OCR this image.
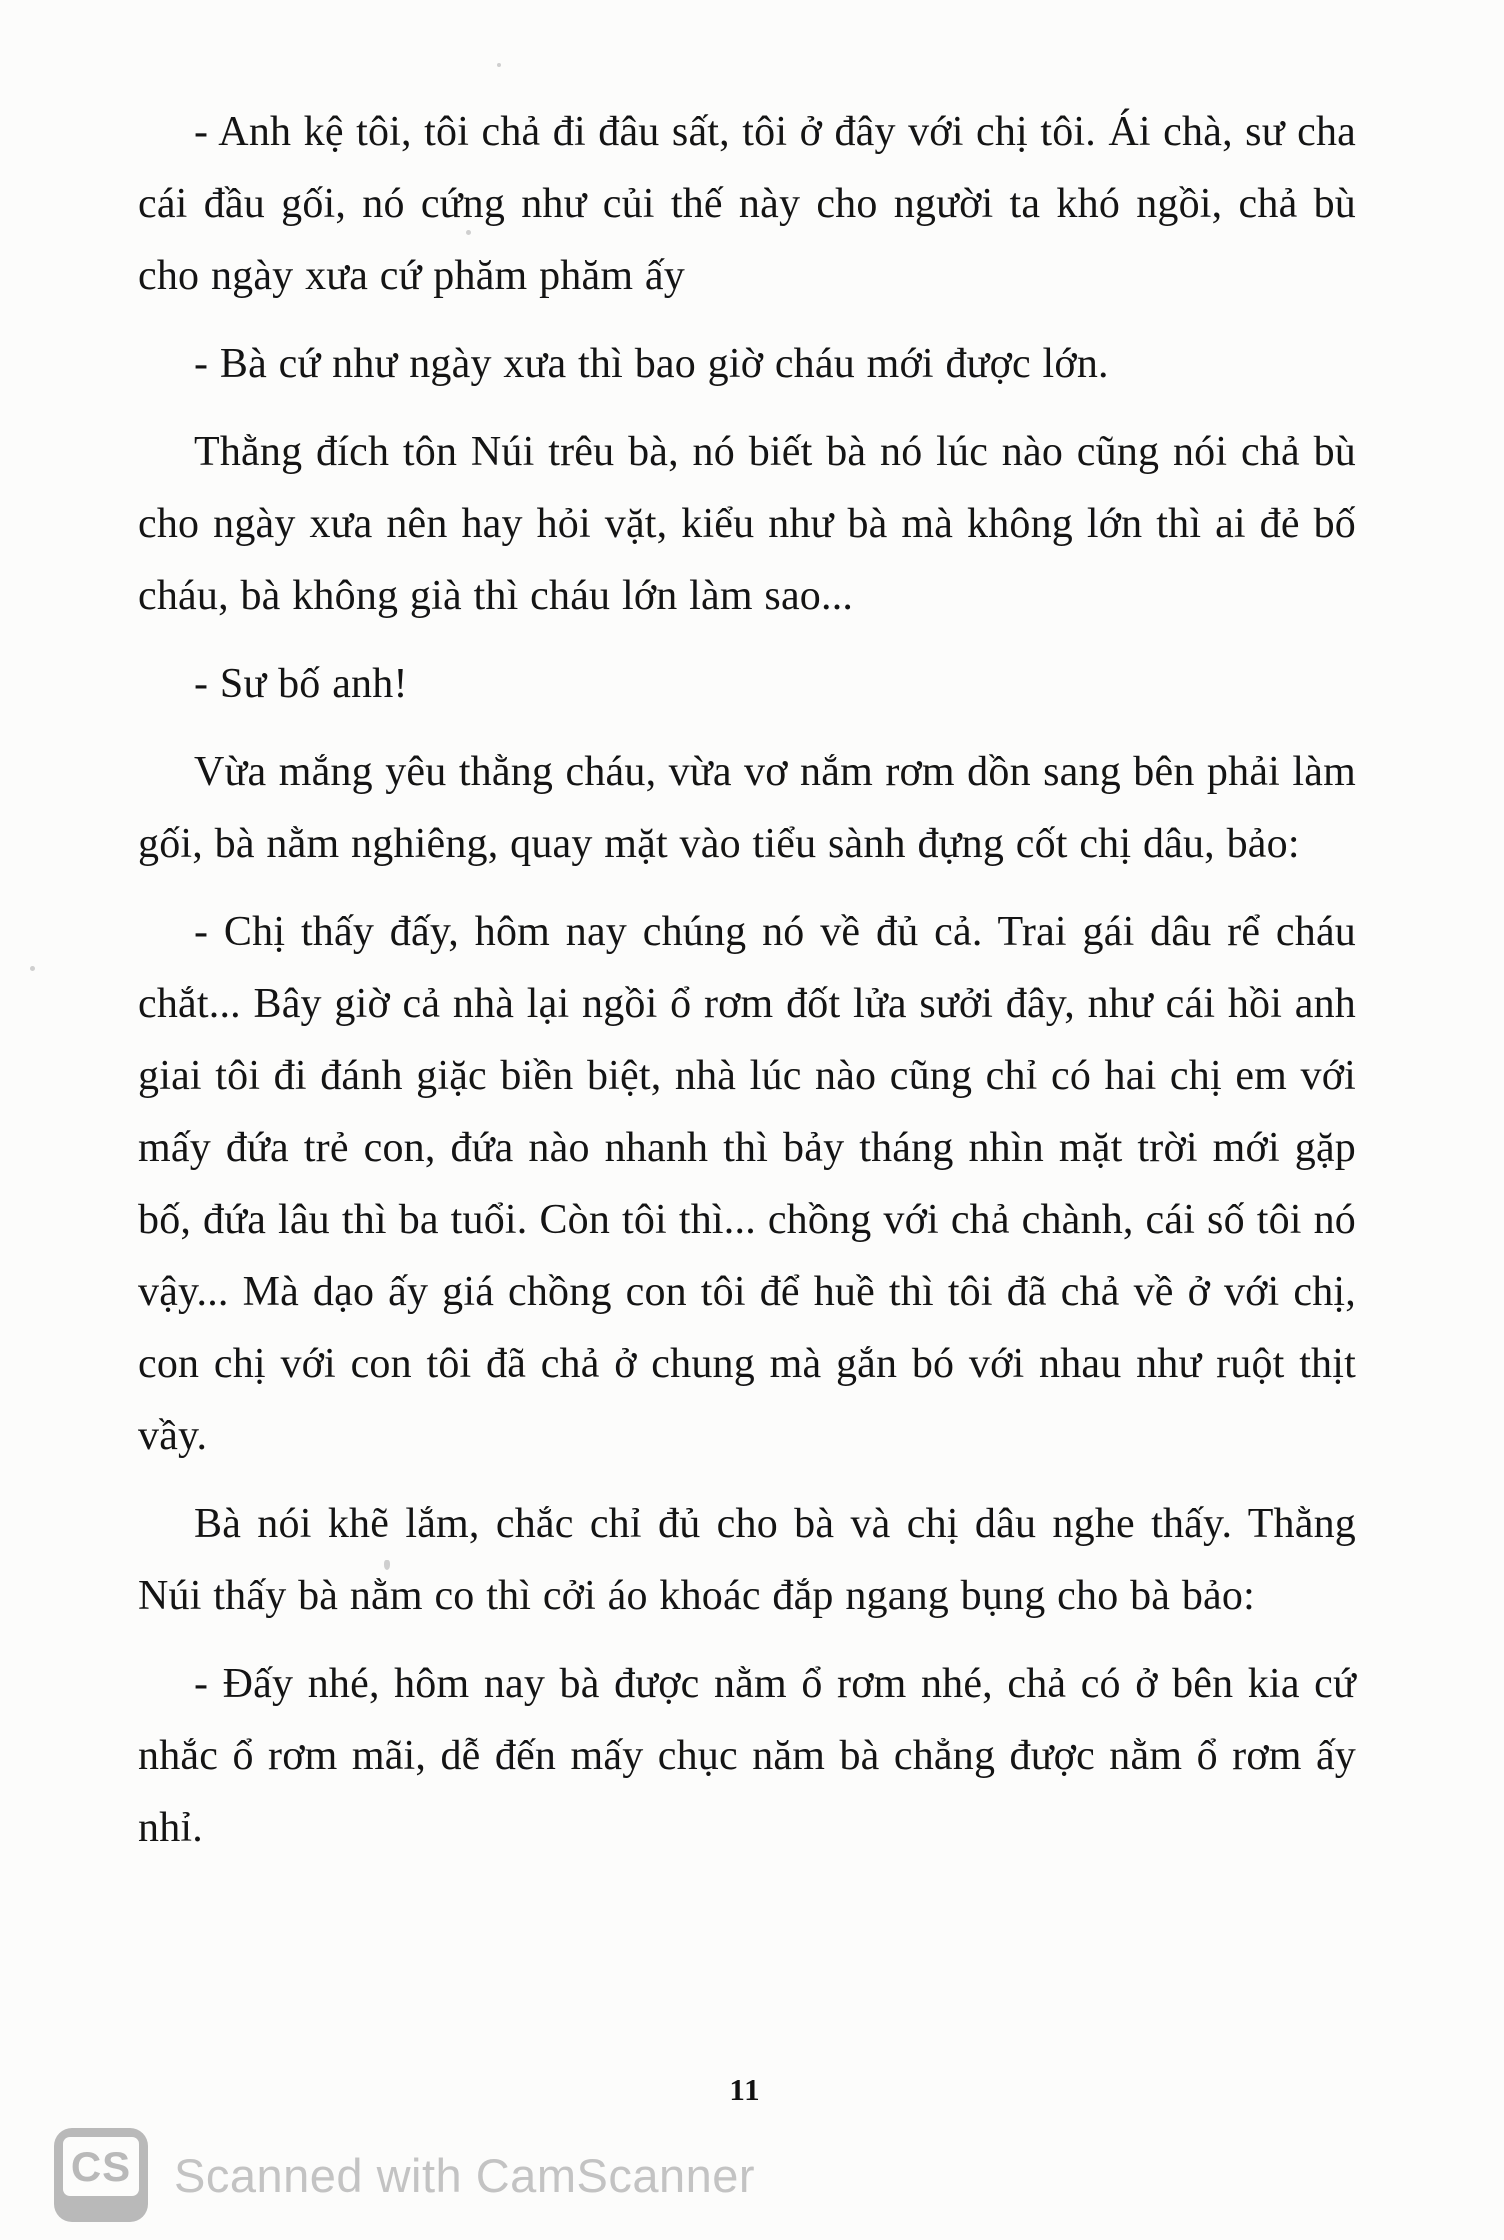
- Anh kệ tôi, tôi chả đi đâu sất, tôi ở đây với chị tôi. Ái chà, sư cha cái đầu gối, nó cứng như củi thế này cho người ta khó ngồi, chả bù cho ngày xưa cứ phăm phăm ấy

- Bà cứ như ngày xưa thì bao giờ cháu mới được lớn.

Thằng đích tôn Núi trêu bà, nó biết bà nó lúc nào cũng nói chả bù cho ngày xưa nên hay hỏi vặt, kiểu như bà mà không lớn thì ai đẻ bố cháu, bà không già thì cháu lớn làm sao...

- Sư bố anh!

Vừa mắng yêu thằng cháu, vừa vơ nắm rơm dồn sang bên phải làm gối, bà nằm nghiêng, quay mặt vào tiểu sành đựng cốt chị dâu, bảo:

- Chị thấy đấy, hôm nay chúng nó về đủ cả. Trai gái dâu rể cháu chắt... Bây giờ cả nhà lại ngồi ổ rơm đốt lửa sưởi đây, như cái hồi anh giai tôi đi đánh giặc biền biệt, nhà lúc nào cũng chỉ có hai chị em với mấy đứa trẻ con, đứa nào nhanh thì bảy tháng nhìn mặt trời mới gặp bố, đứa lâu thì ba tuổi. Còn tôi thì... chồng với chả chành, cái số tôi nó vậy... Mà dạo ấy giá chồng con tôi để huề thì tôi đã chả về ở với chị, con chị với con tôi đã chả ở chung mà gắn bó với nhau như ruột thịt vầy.

Bà nói khẽ lắm, chắc chỉ đủ cho bà và chị dâu nghe thấy. Thằng Núi thấy bà nằm co thì cởi áo khoác đắp ngang bụng cho bà bảo:

- Đấy nhé, hôm nay bà được nằm ổ rơm nhé, chả có ở bên kia cứ nhắc ổ rơm mãi, dễ đến mấy chục năm bà chẳng được nằm ổ rơm ấy nhỉ.

11
CS Scanned with CamScanner
